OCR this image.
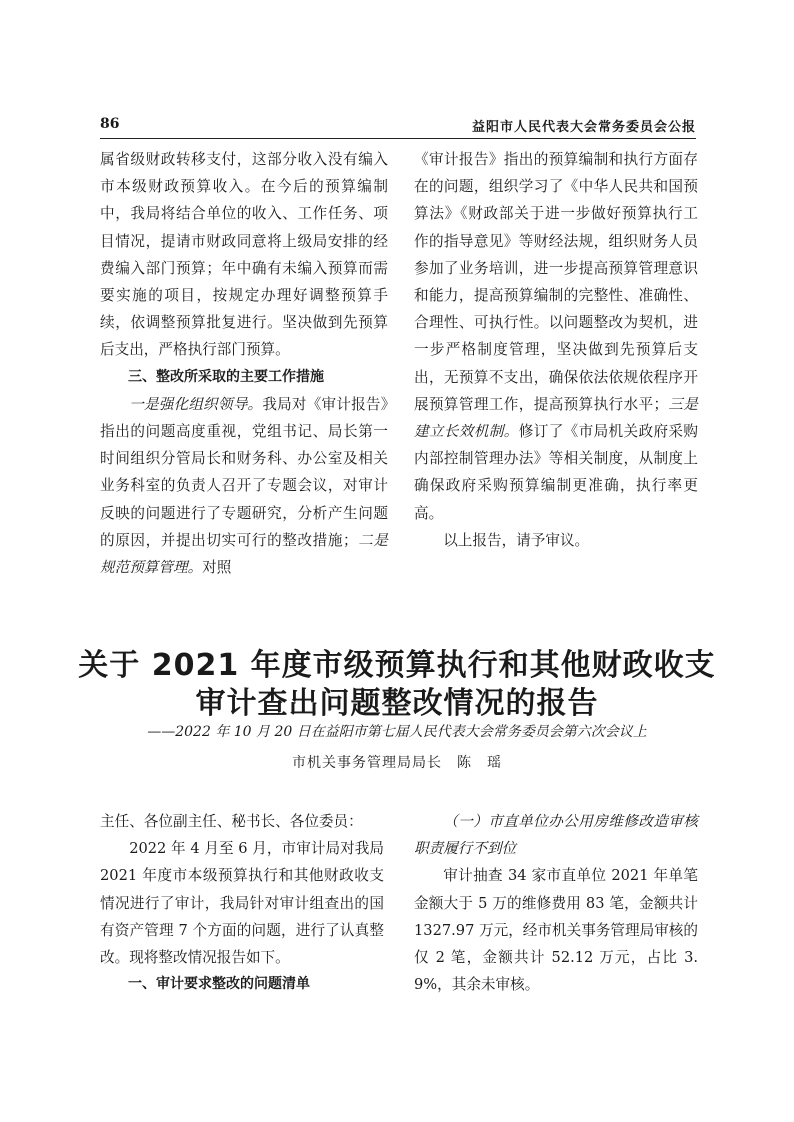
86	益阳市人民代表大会常务委员会公报

属省级财政转移支付，这部分收入没有编入市本级财政预算收入。在今后的预算编制中，我局将结合单位的收入、工作任务、项目情况，提请市财政同意将上级局安排的经费编入部门预算；年中确有未编入预算而需要实施的项目，按规定办理好调整预算手续，依调整预算批复进行。坚决做到先预算后支出，严格执行部门预算。

三、整改所采取的主要工作措施

一是强化组织领导。我局对《审计报告》指出的问题高度重视，党组书记、局长第一时间组织分管局长和财务科、办公室及相关业务科室的负责人召开了专题会议，对审计反映的问题进行了专题研究，分析产生问题的原因，并提出切实可行的整改措施；二是规范预算管理。对照

《审计报告》指出的预算编制和执行方面存在的问题，组织学习了《中华人民共和国预算法》《财政部关于进一步做好预算执行工作的指导意见》等财经法规，组织财务人员参加了业务培训，进一步提高预算管理意识和能力，提高预算编制的完整性、准确性、合理性、可执行性。以问题整改为契机，进一步严格制度管理，坚决做到先预算后支出，无预算不支出，确保依法依规依程序开展预算管理工作，提高预算执行水平；三是建立长效机制。修订了《市局机关政府采购内部控制管理办法》等相关制度，从制度上确保政府采购预算编制更准确，执行率更高。

以上报告，请予审议。

关于 2021 年度市级预算执行和其他财政收支
审计查出问题整改情况的报告
——2022 年 10 月 20 日在益阳市第七届人民代表大会常务委员会第六次会议上
市机关事务管理局局长　陈　瑶

主任、各位副主任、秘书长、各位委员：

2022 年 4 月至 6 月，市审计局对我局 2021 年度市本级预算执行和其他财政收支情况进行了审计，我局针对审计组查出的国有资产管理 7 个方面的问题，进行了认真整改。现将整改情况报告如下。

一、审计要求整改的问题清单

（一）市直单位办公用房维修改造审核职责履行不到位

审计抽查 34 家市直单位 2021 年单笔金额大于 5 万的维修费用 83 笔，金额共计 1327.97 万元，经市机关事务管理局审核的仅 2 笔，金额共计 52.12 万元，占比 3.9%，其余未审核。
